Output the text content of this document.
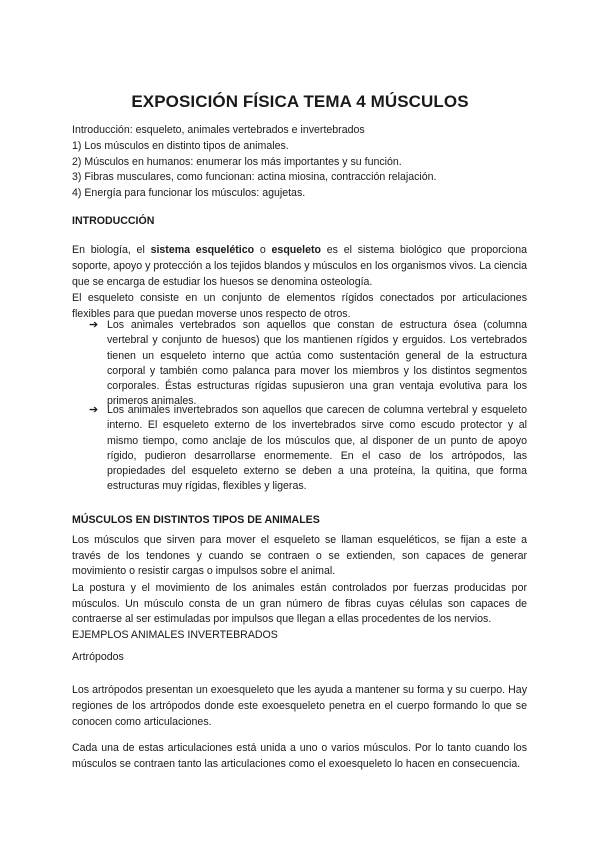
EXPOSICIÓN FÍSICA TEMA 4 MÚSCULOS
Introducción: esqueleto, animales vertebrados e invertebrados
1) Los músculos en distinto tipos de animales.
2) Músculos en humanos: enumerar los más importantes y su función.
3) Fibras musculares, como funcionan: actina miosina, contracción relajación.
4) Energía para funcionar los músculos: agujetas.
INTRODUCCIÓN
En biología, el sistema esquelético o esqueleto es el sistema biológico que proporciona soporte, apoyo y protección a los tejidos blandos y músculos en los organismos vivos. La ciencia que se encarga de estudiar los huesos se denomina osteología.
El esqueleto consiste en un conjunto de elementos rígidos conectados por articulaciones flexibles para que puedan moverse unos respecto de otros.
➔ Los animales vertebrados son aquellos que constan de estructura ósea (columna vertebral y conjunto de huesos) que los mantienen rígidos y erguidos. Los vertebrados tienen un esqueleto interno que actúa como sustentación general de la estructura corporal y también como palanca para mover los miembros y los distintos segmentos corporales. Éstas estructuras rígidas supusieron una gran ventaja evolutiva para los primeros animales.
➔ Los animales invertebrados son aquellos que carecen de columna vertebral y esqueleto interno. El esqueleto externo de los invertebrados sirve como escudo protector y al mismo tiempo, como anclaje de los músculos que, al disponer de un punto de apoyo rígido, pudieron desarrollarse enormemente. En el caso de los artrópodos, las propiedades del esqueleto externo se deben a una proteína, la quitina, que forma estructuras muy rígidas, flexibles y ligeras.
MÚSCULOS EN DISTINTOS TIPOS DE ANIMALES
Los músculos que sirven para mover el esqueleto se llaman esqueléticos, se fijan a este a través de los tendones y cuando se contraen o se extienden, son capaces de generar movimiento o resistir cargas o impulsos sobre el animal.
La postura y el movimiento de los animales están controlados por fuerzas producidas por músculos. Un músculo consta de un gran número de fibras cuyas células son capaces de contraerse al ser estimuladas por impulsos que llegan a ellas procedentes de los nervios.
EJEMPLOS ANIMALES INVERTEBRADOS
Artrópodos
Los artrópodos presentan un exoesqueleto que les ayuda a mantener su forma y su cuerpo. Hay regiones de los artrópodos donde este exoesqueleto penetra en el cuerpo formando lo que se conocen como articulaciones.
Cada una de estas articulaciones está unida a uno o varios músculos. Por lo tanto cuando los músculos se contraen tanto las articulaciones como el exoesqueleto lo hacen en consecuencia.
